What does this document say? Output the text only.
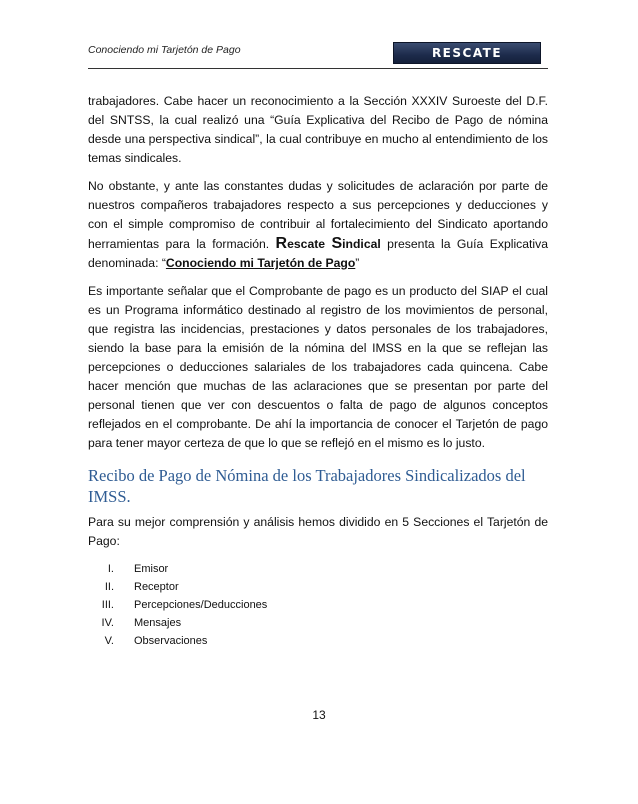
Conociendo mi Tarjetón de Pago	RESCATE SINDICAL

trabajadores. Cabe hacer un reconocimiento a la Sección XXXIV Suroeste del D.F. del SNTSS, la cual realizó una “Guía Explicativa del Recibo de Pago de nómina desde una perspectiva sindical”, la cual contribuye en mucho al entendimiento de los temas sindicales.

No obstante, y ante las constantes dudas y solicitudes de aclaración por parte de nuestros compañeros trabajadores respecto a sus percepciones y deducciones y con el simple compromiso de contribuir al fortalecimiento del Sindicato aportando herramientas para la formación. Rescate Sindical presenta la Guía Explicativa denominada: “Conociendo mi Tarjetón de Pago”

Es importante señalar que el Comprobante de pago es un producto del SIAP el cual es un Programa informático destinado al registro de los movimientos de personal, que registra las incidencias, prestaciones y datos personales de los trabajadores, siendo la base para la emisión de la nómina del IMSS en la que se reflejan las percepciones o deducciones salariales de los trabajadores cada quincena. Cabe hacer mención que muchas de las aclaraciones que se presentan por parte del personal tienen que ver con descuentos o falta de pago de algunos conceptos reflejados en el comprobante. De ahí la importancia de conocer el Tarjetón de pago para tener mayor certeza de que lo que se reflejó en el mismo es lo justo.

Recibo de Pago de Nómina de los Trabajadores Sindicalizados del IMSS.

Para su mejor comprensión y análisis hemos dividido en 5 Secciones el Tarjetón de Pago:

I.	Emisor
II.	Receptor
III.	Percepciones/Deducciones
IV.	Mensajes
V.	Observaciones
13
